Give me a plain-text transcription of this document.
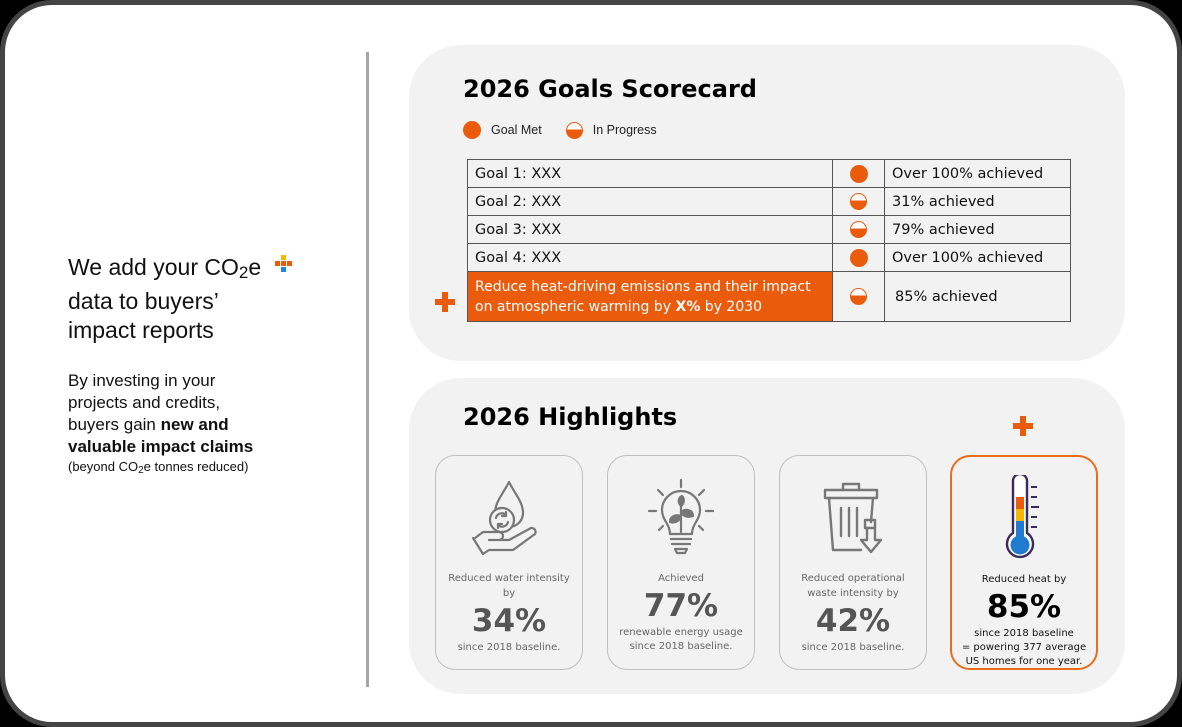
We add your CO2e
data to buyers’
impact reports

By investing in your
projects and credits,
buyers gain new and
valuable impact claims
(beyond $CO_2e$ tonnes reduced)
2026 Goals Scorecard
Goal Met	In Progress
Goal 1: XXX		Over 100% achieved
Goal 2: XXX		31% achieved
Goal 3: XXX		79% achieved
Goal 4: XXX		Over 100% achieved
Reduce heat-driving emissions and their impact
on atmospheric warming by X% by 2030		85% achieved
2026 Highlights
Reduced water intensity by
34%
since 2018 baseline.
Achieved
77%
renewable energy usage since 2018 baseline.
Reduced operational waste intensity by
42%
since 2018 baseline.
Reduced heat by
85%
since 2018 baseline
= powering 377 average US homes for one year.
